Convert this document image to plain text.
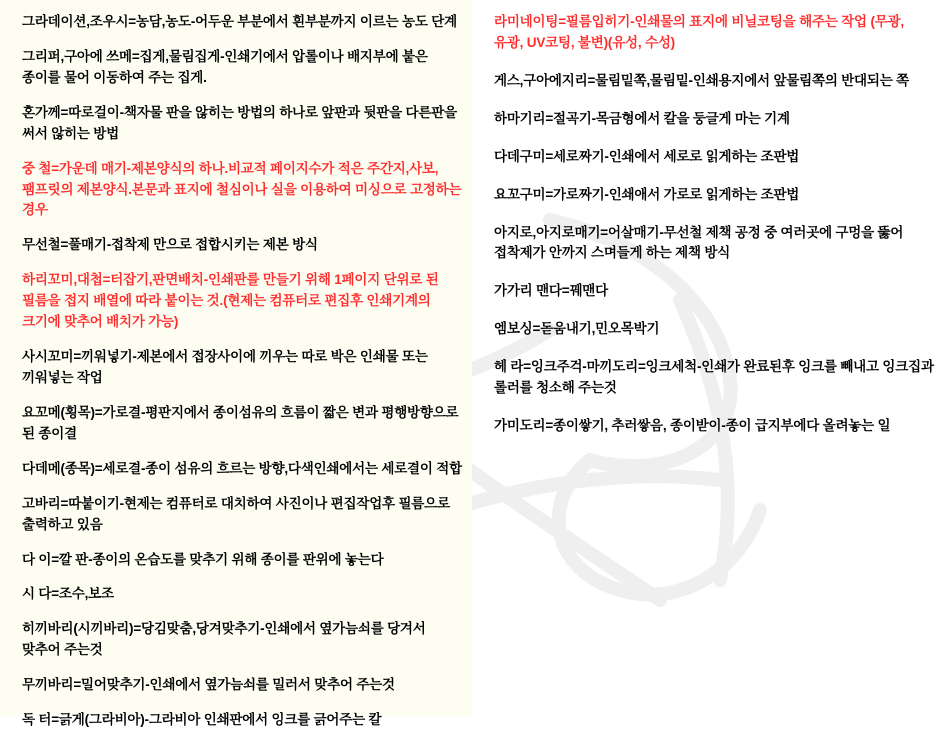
그라데이션,조우시=농담,농도-어두운 부분에서 흰부분까지 이르는 농도 단계

그리퍼,구아에 쓰메=집게,물림집게-인쇄기에서 압롤이나 배지부에 붙은 종이를 물어 이동하여 주는 집게.

혼가께=따로걸이-책자물 판을 않히는 방법의 하나로 앞판과 뒷판을 다른판을 써서 않히는 방법

중 철=가운데 매기-제본양식의 하나.비교적 페이지수가 적은 주간지,사보,팸프릿의 제본양식.본문과 표지에 철심이나 실을 이용하여 미싱으로 고정하는 경우

무선철=풀매기-접착제 만으로 접합시키는 제본 방식

하리꼬미,대첩=터잡기,판면배치-인쇄판를 만들기 위해 1페이지 단위로 된 필름을 접지 배열에 따라 붙이는 것.(현제는 컴퓨터로 편집후 인쇄기계의 크기에 맞추어 배치가 가능)

사시꼬미=끼워넣기-제본에서 접장사이에 끼우는 따로 박은 인쇄물 또는 끼워넣는 작업

요꼬메(횡목)=가로결-평판지에서 종이섬유의 흐름이 짧은 변과 평행방향으로 된 종이결

다데메(종목)=세로결-종이 섬유의 흐르는 방향,다색인쇄에서는 세로결이 적합

고바리=따붙이기-현제는 컴퓨터로 대치하여 사진이나 편집작업후 필름으로 출력하고 있음

다 이=깔 판-종이의 온습도를 맞추기 위해 종이를 판위에 놓는다

시 다=조수,보조

히끼바리(시끼바리)=당김맞춤,당겨맞추기-인쇄에서 옆가늠쇠를 당겨서 맞추어 주는것

무끼바리=밀어맞추기-인쇄에서 옆가늠쇠를 밀러서 맞추어 주는것

독 터=긁게(그라비아)-그라비아 인쇄판에서 잉크를 긁어주는 칼

라미네이팅=필름입히기-인쇄물의 표지에 비닐코팅을 해주는 작업 (무광, 유광, UV코팅, 불변)(유성, 수성)

게스,구아에지리=물림밑쪽,물림밑-인쇄용지에서 앞물림쪽의 반대되는 쪽

하마기리=절곡기-목금형에서 칼을 둥글게 마는 기계

다데구미=세로짜기-인쇄에서 세로로 읽게하는 조판법

요꼬구미=가로짜기-인쇄애서 가로로 읽게하는 조판법

아지로,아지로매기=어살매기-무선철 제책 공정 중 여러곳에 구멍을 뚫어 접착제가 안까지 스며들게 하는 제책 방식

가가리 맨다=꿰맨다

엠보싱=돋움내기,민오목박기

헤 라=잉크주걱-마끼도리=잉크세척-인쇄가 완료된후 잉크를 빼내고 잉크집과 롤러를 청소해 주는것

가미도리=종이쌓기, 추러쌓음, 종이받이-종이 급지부에다 올려놓는 일
